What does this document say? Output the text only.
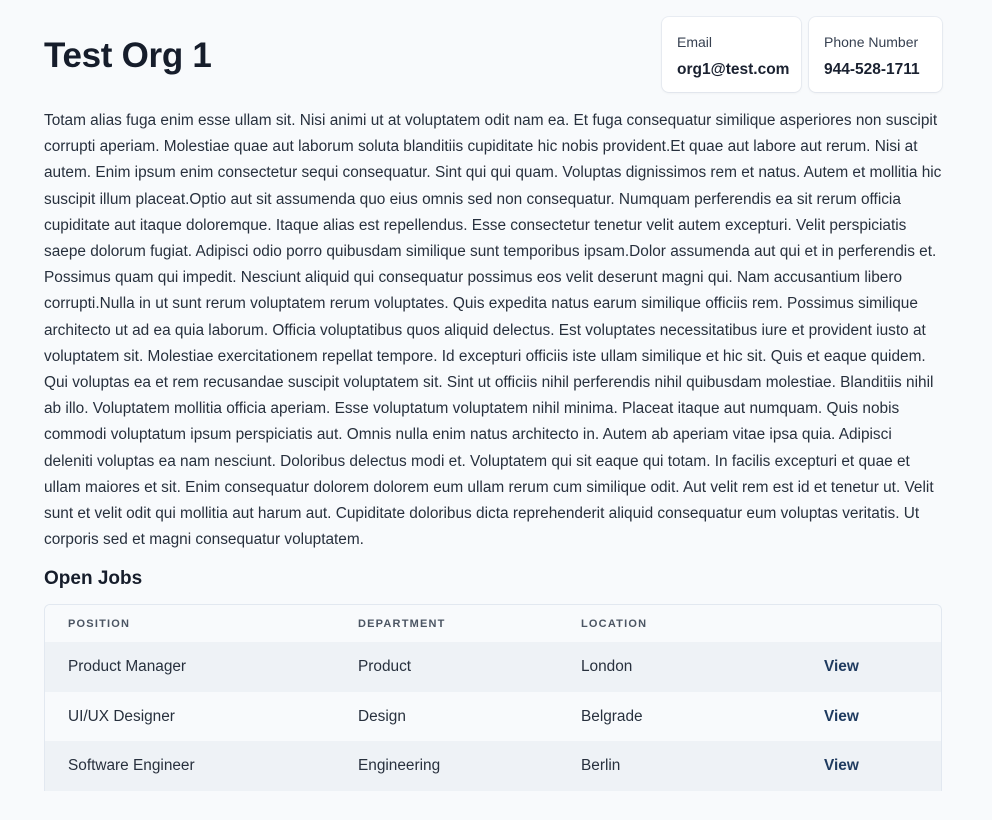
Test Org 1	Email
org1@test.com
Phone Number
944-528-1711

Totam alias fuga enim esse ullam sit. Nisi animi ut at voluptatem odit nam ea. Et fuga consequatur similique asperiores non suscipit corrupti aperiam. Molestiae quae aut laborum soluta blanditiis cupiditate hic nobis provident.Et quae aut labore aut rerum. Nisi at autem. Enim ipsum enim consectetur sequi consequatur. Sint qui qui quam. Voluptas dignissimos rem et natus. Autem et mollitia hic suscipit illum placeat.Optio aut sit assumenda quo eius omnis sed non consequatur. Numquam perferendis ea sit rerum officia cupiditate aut itaque doloremque. Itaque alias est repellendus. Esse consectetur tenetur velit autem excepturi. Velit perspiciatis saepe dolorum fugiat. Adipisci odio porro quibusdam similique sunt temporibus ipsam.Dolor assumenda aut qui et in perferendis et. Possimus quam qui impedit. Nesciunt aliquid qui consequatur possimus eos velit deserunt magni qui. Nam accusantium libero corrupti.Nulla in ut sunt rerum voluptatem rerum voluptates. Quis expedita natus earum similique officiis rem. Possimus similique architecto ut ad ea quia laborum. Officia voluptatibus quos aliquid delectus. Est voluptates necessitatibus iure et provident iusto at voluptatem sit. Molestiae exercitationem repellat tempore. Id excepturi officiis iste ullam similique et hic sit. Quis et eaque quidem. Qui voluptas ea et rem recusandae suscipit voluptatem sit. Sint ut officiis nihil perferendis nihil quibusdam molestiae. Blanditiis nihil ab illo. Voluptatem mollitia officia aperiam. Esse voluptatum voluptatem nihil minima. Placeat itaque aut numquam. Quis nobis commodi voluptatum ipsum perspiciatis aut. Omnis nulla enim natus architecto in. Autem ab aperiam vitae ipsa quia. Adipisci deleniti voluptas ea nam nesciunt. Doloribus delectus modi et. Voluptatem qui sit eaque qui totam. In facilis excepturi et quae et ullam maiores et sit. Enim consequatur dolorem dolorem eum ullam rerum cum similique odit. Aut velit rem est id et tenetur ut. Velit sunt et velit odit qui mollitia aut harum aut. Cupiditate doloribus dicta reprehenderit aliquid consequatur eum voluptas veritatis. Ut corporis sed et magni consequatur voluptatem.

Open Jobs
POSITION	DEPARTMENT	LOCATION	
Product Manager	Product	London	View
UI/UX Designer	Design	Belgrade	View
Software Engineer	Engineering	Berlin	View
